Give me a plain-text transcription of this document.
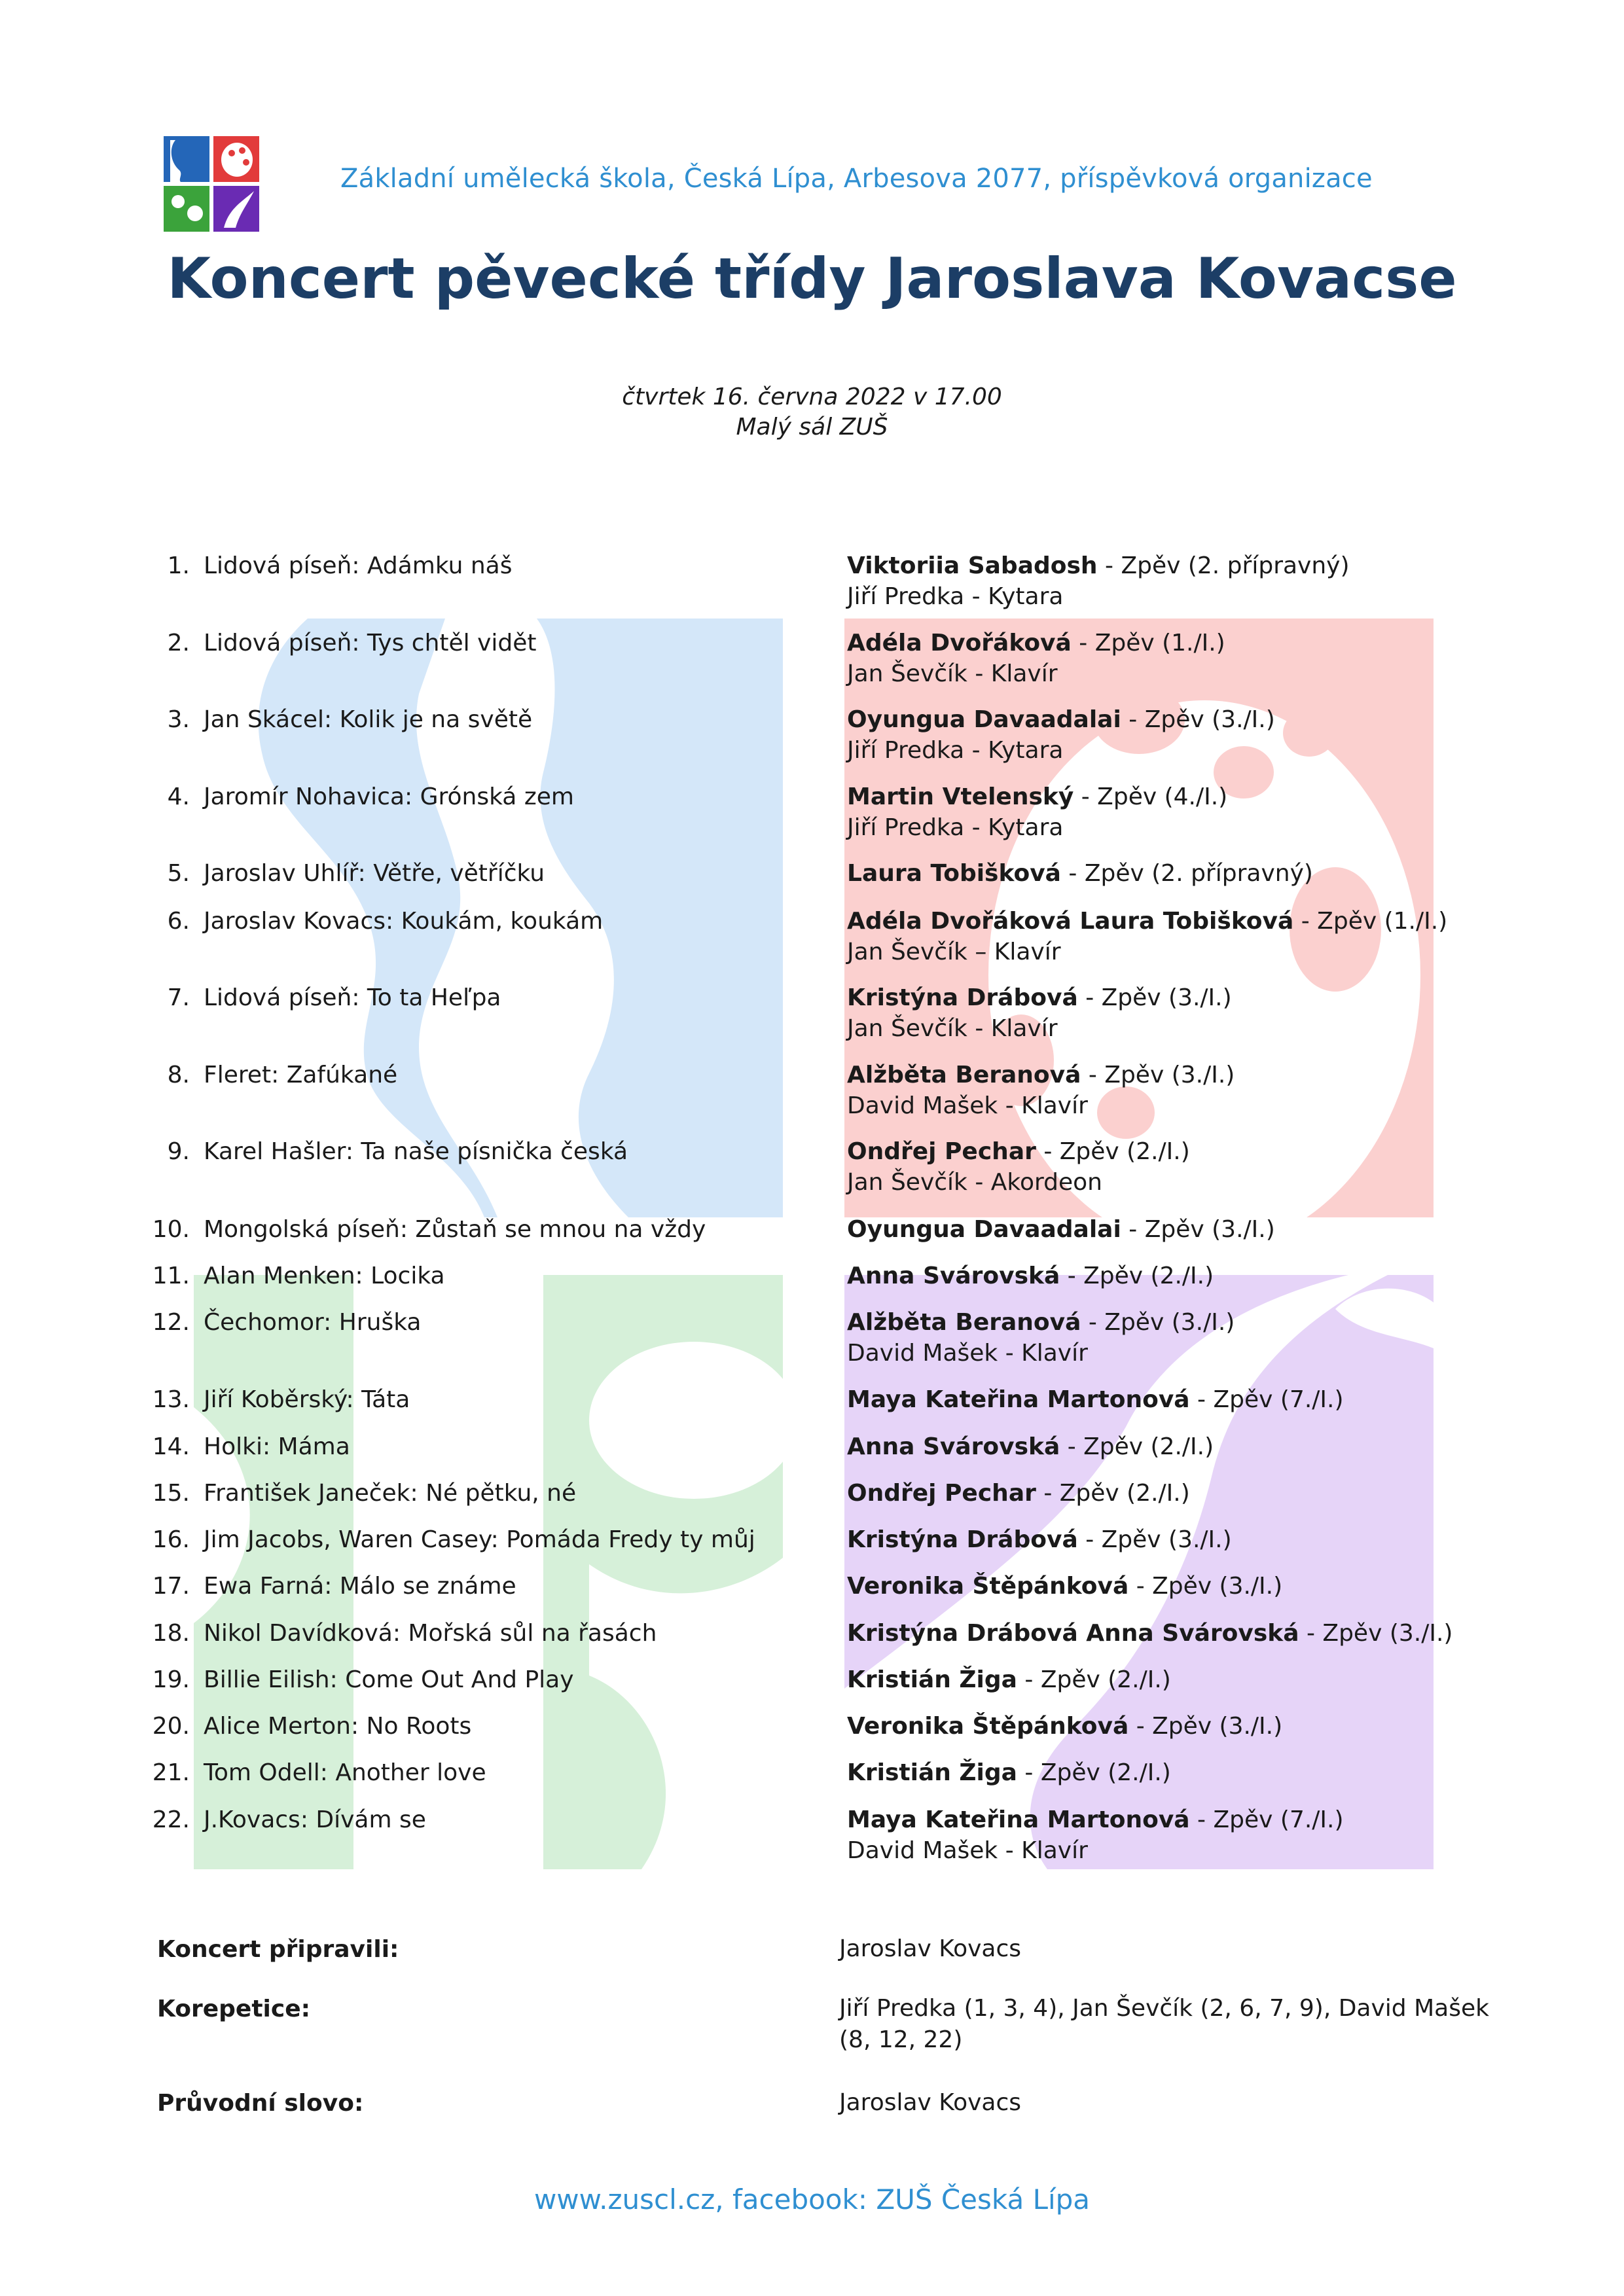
Základní umělecká škola, Česká Lípa, Arbesova 2077, příspěvková organizace
Koncert pěvecké třídy Jaroslava Kovacse
čtvrtek 16. června 2022 v 17.00
Malý sál ZUŠ
1. Lidová píseň: Adámku náš	Viktoriia Sabadosh - Zpěv (2. přípravný)
Jiří Predka - Kytara
2. Lidová píseň: Tys chtěl vidět	Adéla Dvořáková - Zpěv (1./I.)
Jan Ševčík - Klavír
3. Jan Skácel: Kolik je na světě	Oyungua Davaadalai - Zpěv (3./I.)
Jiří Predka - Kytara
4. Jaromír Nohavica: Grónská zem	Martin Vtelenský - Zpěv (4./I.)
Jiří Predka - Kytara
5. Jaroslav Uhlíř: Větře, větříčku	Laura Tobišková - Zpěv (2. přípravný)
6. Jaroslav Kovacs: Koukám, koukám	Adéla Dvořáková Laura Tobišková - Zpěv (1./I.)
Jan Ševčík – Klavír
7. Lidová píseň: To ta Heľpa	Kristýna Drábová - Zpěv (3./I.)
Jan Ševčík - Klavír
8. Fleret: Zafúkané	Alžběta Beranová - Zpěv (3./I.)
David Mašek - Klavír
9. Karel Hašler: Ta naše písnička česká	Ondřej Pechar - Zpěv (2./I.)
Jan Ševčík - Akordeon
10. Mongolská píseň: Zůstaň se mnou na vždy	Oyungua Davaadalai - Zpěv (3./I.)
11. Alan Menken: Locika	Anna Svárovská - Zpěv (2./I.)
12. Čechomor: Hruška	Alžběta Beranová - Zpěv (3./I.)
David Mašek - Klavír
13. Jiří Koběrský: Táta	Maya Kateřina Martonová - Zpěv (7./I.)
14. Holki: Máma	Anna Svárovská - Zpěv (2./I.)
15. František Janeček: Né pětku, né	Ondřej Pechar - Zpěv (2./I.)
16. Jim Jacobs, Waren Casey: Pomáda Fredy ty můj	Kristýna Drábová - Zpěv (3./I.)
17. Ewa Farná: Málo se známe	Veronika Štěpánková - Zpěv (3./I.)
18. Nikol Davídková: Mořská sůl na řasách	Kristýna Drábová Anna Svárovská - Zpěv (3./I.)
19. Billie Eilish: Come Out And Play	Kristián Žiga - Zpěv (2./I.)
20. Alice Merton: No Roots	Veronika Štěpánková - Zpěv (3./I.)
21. Tom Odell: Another love	Kristián Žiga - Zpěv (2./I.)
22. J.Kovacs: Dívám se	Maya Kateřina Martonová - Zpěv (7./I.)
David Mašek - Klavír
Koncert připravili:	Jaroslav Kovacs
Korepetice:	Jiří Predka (1, 3, 4), Jan Ševčík (2, 6, 7, 9), David Mašek
(8, 12, 22)
Průvodní slovo:	Jaroslav Kovacs
www.zuscl.cz, facebook: ZUŠ Česká Lípa
